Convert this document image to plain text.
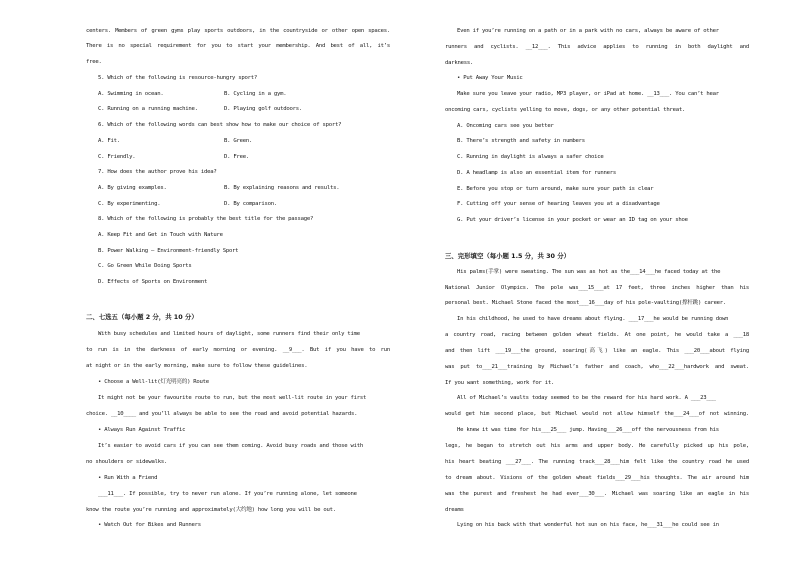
centers. Members of green gyms play sports outdoors, in the countryside or other open spaces.
There is no special requirement for you to start your membership. And best of all, it’s
free.
5. Which of the following is resource-hungry sport?
A. Swimming in ocean.	B. Cycling in a gym.
C. Running on a running machine.	D. Playing golf outdoors.
6. Which of the following words can best show how to make our choice of sport?
A. Fit.	B. Green.
C. Friendly.	D. Free.
7. How does the author prove his idea?
A. By giving examples.	B. By explaining reasons and results.
C. By experimenting.	D. By comparison.
8. Which of the following is probably the best title for the passage?
A. Keep Fit and Get in Touch with Nature
B. Power Walking — Environment-friendly Sport
C. Go Green While Doing Sports
D. Effects of Sports on Environment
二、七选五（每小题 2 分，共 10 分）
With busy schedules and limited hours of daylight, some runners find their only time
to run is in the darkness of early morning or evening. __9___. But if you have to run
at night or in the early morning, make sure to follow these guidelines.
• Choose a Well-lit(灯光明亮的) Route
It might not be your favourite route to run, but the most well-lit route in your first
choice. __10____ and you’ll always be able to see the road and avoid potential hazards.
• Always Run Against Traffic
It’s easier to avoid cars if you can see them coming. Avoid busy roads and those with
no shoulders or sidewalks.
• Run With a Friend
___11___. If possible, try to never run alone. If you’re running alone, let someone
know the route you’re running and approximately(大约地) how long you will be out.
• Watch Out for Bikes and Runners
Even if you’re running on a path or in a park with no cars, always be aware of other
runners and cyclists. __12___. This advice applies to running in both daylight and
darkness.
• Put Away Your Music
Make sure you leave your radio, MP3 player, or iPad at home. __13___. You can’t hear
oncoming cars, cyclists yelling to move, dogs, or any other potential threat.
A. Oncoming cars see you better
B. There’s strength and safety in numbers
C. Running in daylight is always a safer choice
D. A headlamp is also an essential item for runners
E. Before you stop or turn around, make sure your path is clear
F. Cutting off your sense of hearing leaves you at a disadvantage
G. Put your driver’s license in your pocket or wear an ID tag on your shoe
三、完形填空（每小题 1.5 分，共 30 分）
His palms(手掌) were sweating. The sun was as hot as the___14___he faced today at the
National Junior Olympics. The pole was___15___at 17 feet, three inches higher than his
personal best. Michael Stone faced the most___16___day of his pole-vaulting(撑杆跳) career.
In his childhood, he used to have dreams about flying. ___17___he would be running down
a country road, racing between golden wheat fields. At one point, he would take a ___18
and then lift ___19___the ground, soaring(高飞) like an eagle. This ___20___about flying
was put to___21___training by Michael’s father and coach, who___22___hardwork and sweat.
If you want something, work for it.
All of Michael’s vaults today seemed to be the reward for his hard work. A ___23___
would get him second place, but Michael would not allow himself the___24___of not winning.
He knew it was time for his___25___ jump. Having___26___off the nervousness from his
legs, he began to stretch out his arms and upper body. He carefully picked up his pole,
his heart beating ___27___. The running track___28___him felt like the country road he used
to dream about. Visions of the golden wheat fields___29___his thoughts. The air around him
was the purest and freshest he had ever___30___. Michael was soaring like an eagle in his
dreams
Lying on his back with that wonderful hot sun on his face, he___31___he could see in
